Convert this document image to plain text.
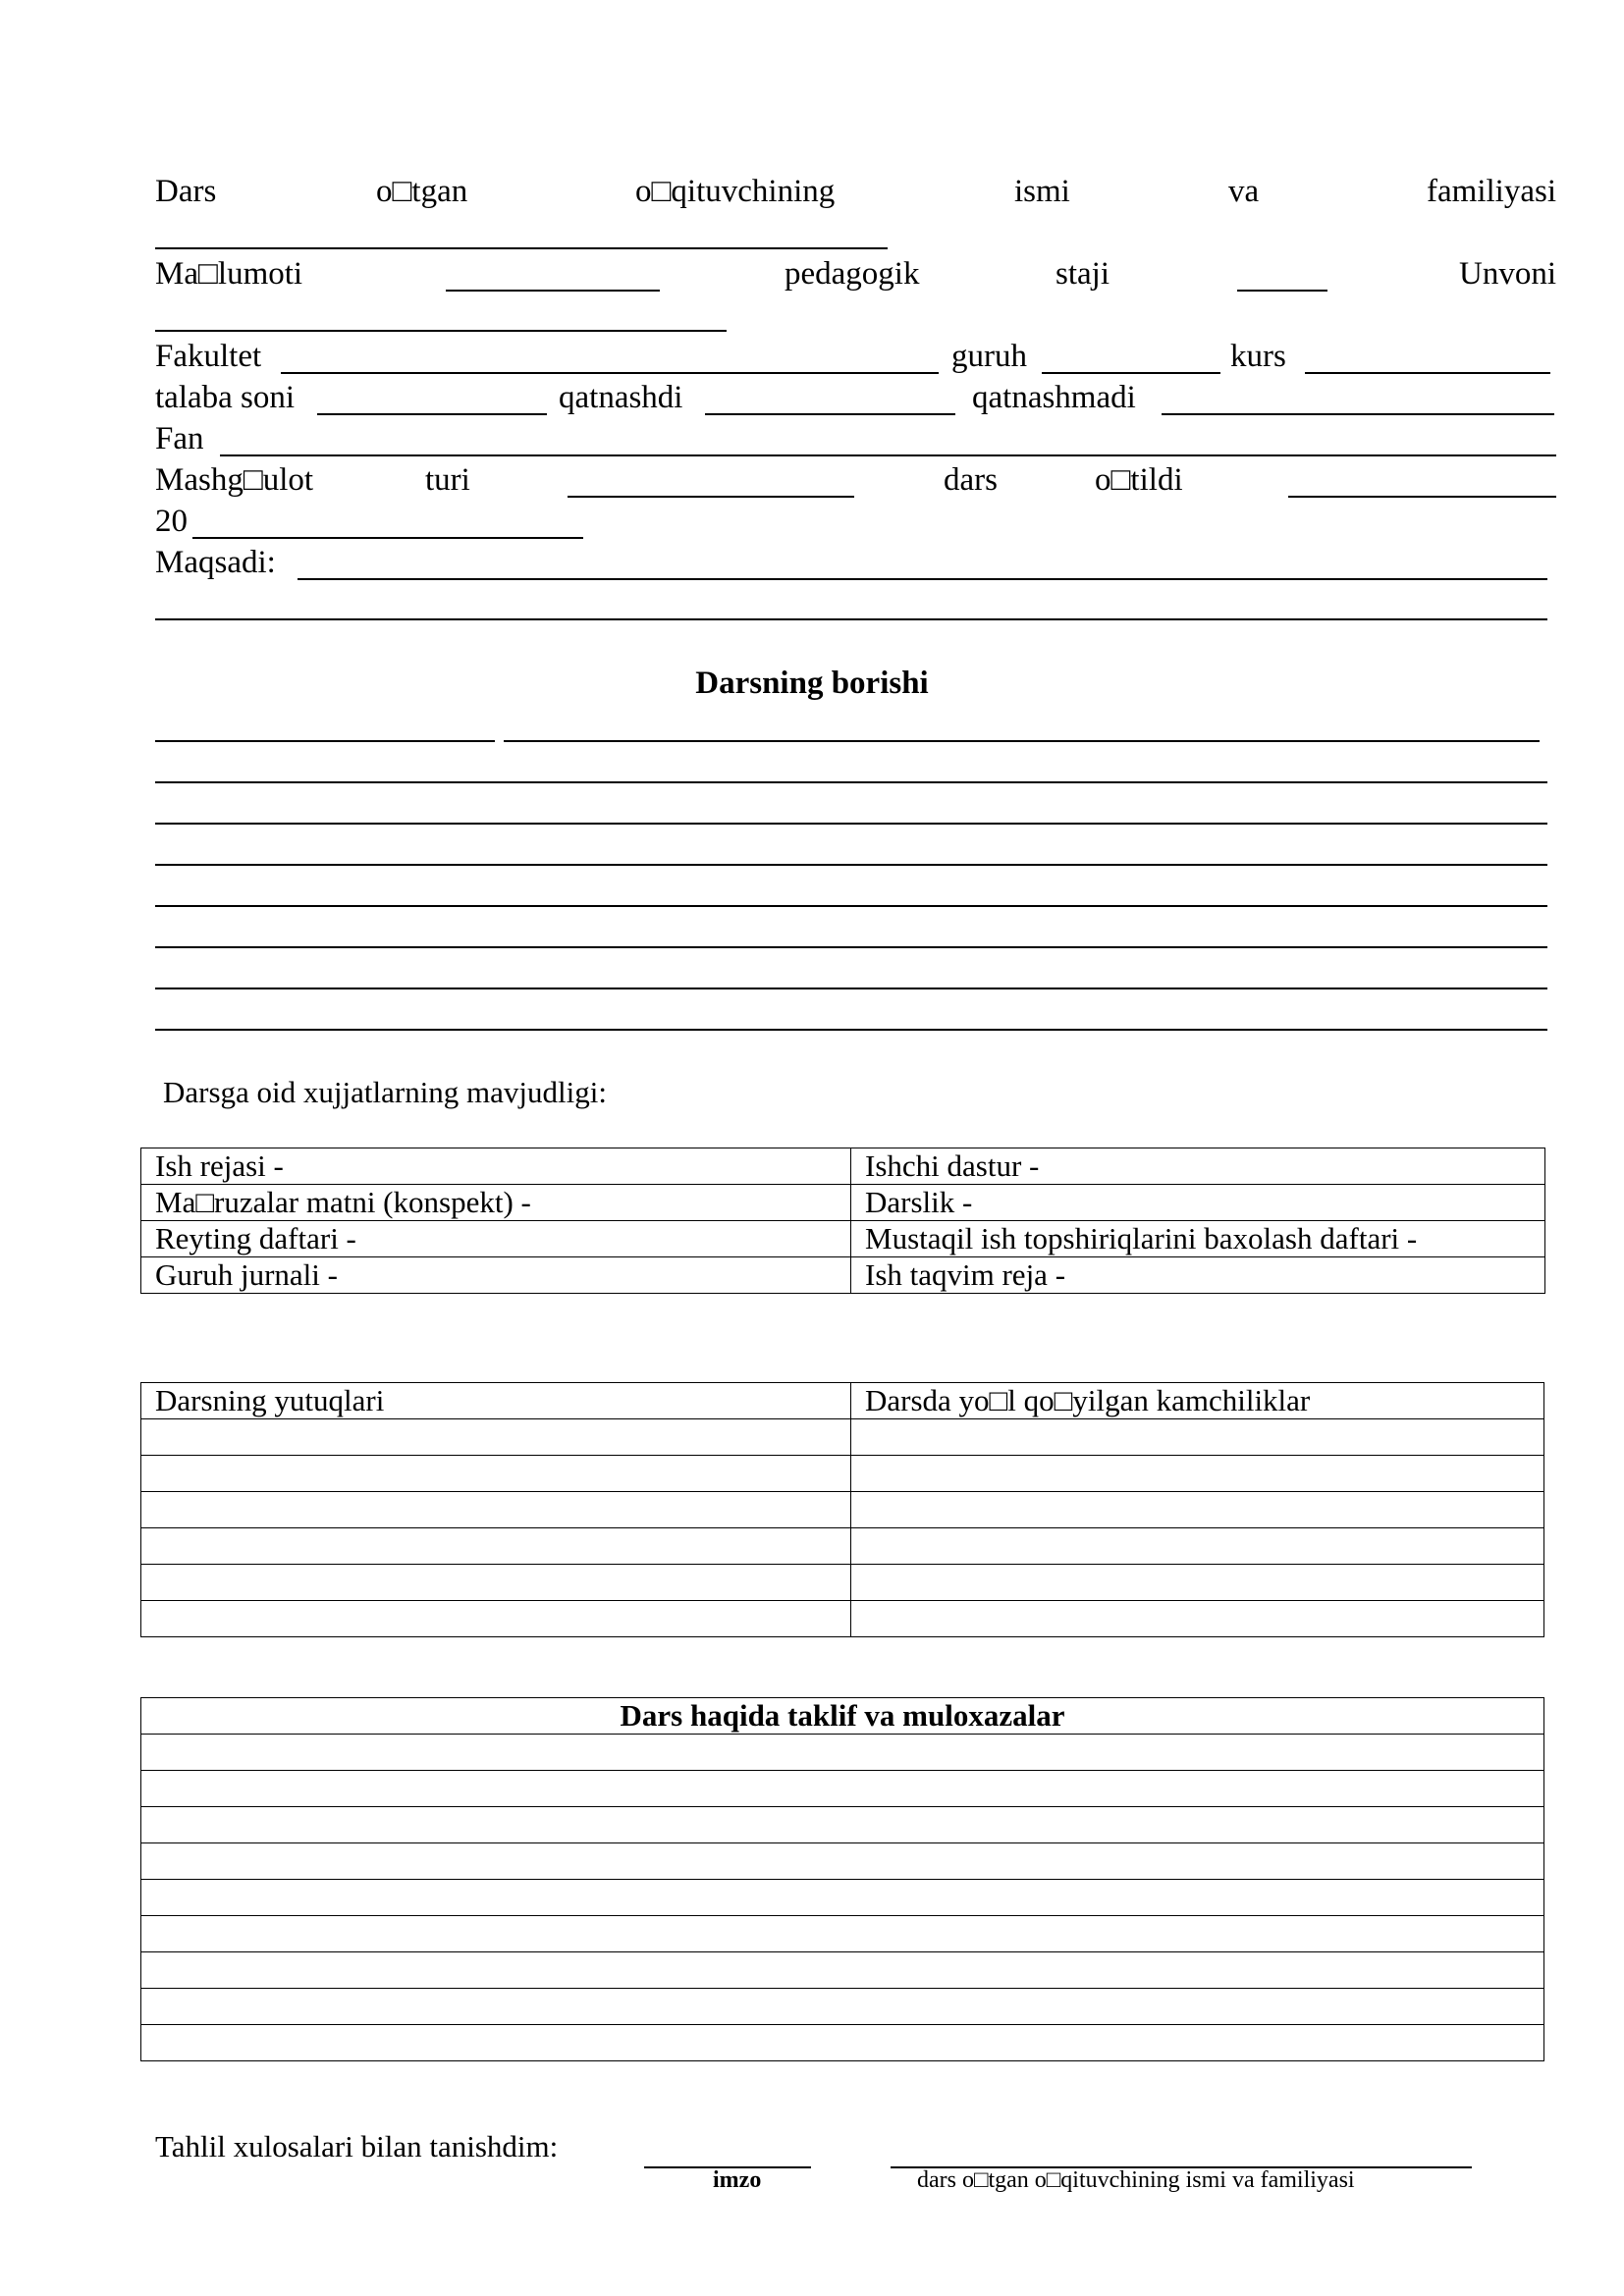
Dars	o□tgan	o□qituvchining	ismi	va	familiyasi
Ma□lumoti	pedagogik	staji	Unvoni
Fakultet	guruh	kurs
talaba soni	qatnashdi	qatnashmadi
Fan
Mashg□ulot	turi	dars	o□tildi
20
Maqsadi:
Darsning borishi
Darsga oid xujjatlarning mavjudligi:
Ish rejasi -	Ishchi dastur -
Ma□ruzalar matni (konspekt) -	Darslik -
Reyting daftari -	Mustaqil ish topshiriqlarini baxolash daftari -
Guruh jurnali -	Ish taqvim reja -
Darsning yutuqlari	Darsda yo□l qo□yilgan kamchiliklar

Dars haqida taklif va muloxazalar

Tahlil xulosalari bilan tanishdim:
imzo	dars o□tgan o□qituvchining ismi va familiyasi
